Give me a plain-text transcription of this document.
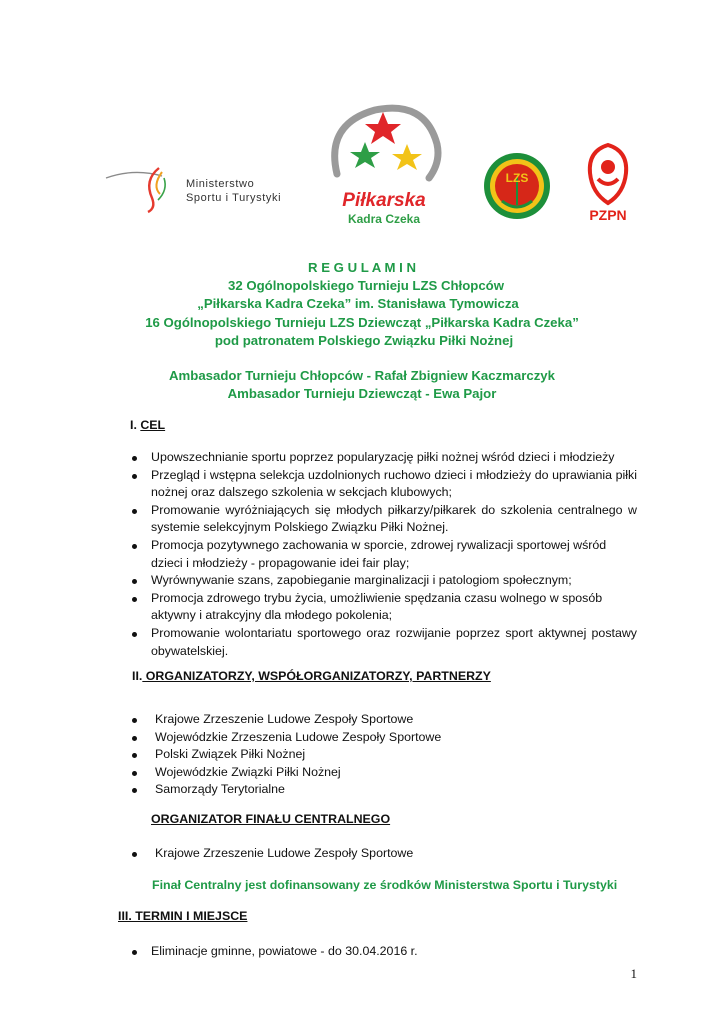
Ministerstwo
Sportu i Turystyki	Piłkarska
Kadra Czeka
LZS
PZPN
R E G U L A M I N
32 Ogólnopolskiego Turnieju LZS Chłopców
„Piłkarska Kadra Czeka” im. Stanisława Tymowicza
16 Ogólnopolskiego Turnieju LZS Dziewcząt „Piłkarska Kadra Czeka”
pod patronatem Polskiego Związku Piłki Nożnej
Ambasador Turnieju Chłopców - Rafał Zbigniew Kaczmarczyk
Ambasador Turnieju Dziewcząt - Ewa Pajor
I. CEL
Upowszechnianie sportu poprzez popularyzację piłki nożnej wśród dzieci i młodzieży
Przegląd i wstępna selekcja uzdolnionych ruchowo dzieci i młodzieży do uprawiania piłki nożnej oraz dalszego szkolenia w sekcjach klubowych;
Promowanie wyróżniających się młodych piłkarzy/piłkarek do szkolenia centralnego w systemie selekcyjnym Polskiego Związku Piłki Nożnej.
Promocja pozytywnego zachowania w sporcie, zdrowej rywalizacji sportowej wśród dzieci i młodzieży - propagowanie idei fair play;
Wyrównywanie szans, zapobieganie marginalizacji i patologiom społecznym;
Promocja zdrowego trybu życia, umożliwienie spędzania czasu wolnego w sposób aktywny i atrakcyjny dla młodego pokolenia;
Promowanie wolontariatu sportowego oraz rozwijanie poprzez sport aktywnej postawy obywatelskiej.
II. ORGANIZATORZY, WSPÓŁORGANIZATORZY, PARTNERZY
Krajowe Zrzeszenie Ludowe Zespoły Sportowe
Wojewódzkie Zrzeszenia Ludowe Zespoły Sportowe
Polski Związek Piłki Nożnej
Wojewódzkie Związki Piłki Nożnej
Samorządy Terytorialne
ORGANIZATOR FINAŁU CENTRALNEGO
Krajowe Zrzeszenie Ludowe Zespoły Sportowe
Finał Centralny jest dofinansowany ze środków Ministerstwa Sportu i Turystyki
III. TERMIN I MIEJSCE
Eliminacje gminne, powiatowe - do 30.04.2016 r.
1
